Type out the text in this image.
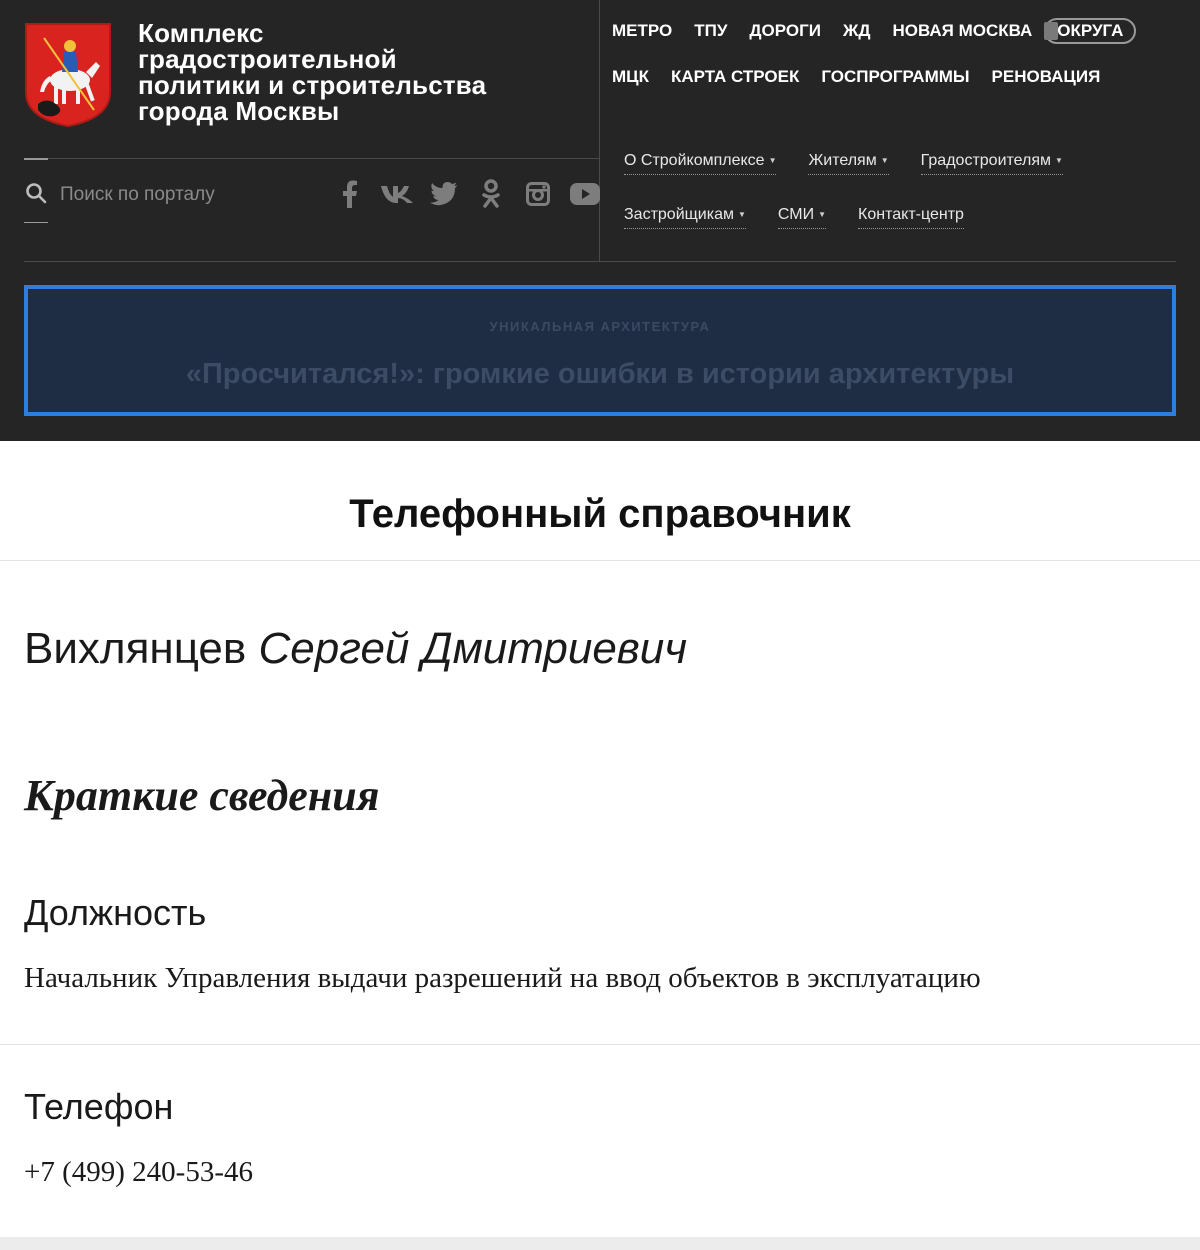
Комплекс
градостроительной
политики и строительства
города Москвы
Поиск по порталу
МЕТРО ТПУ ДОРОГИ ЖД НОВАЯ МОСКВА ОКРУГА
МЦК КАРТА СТРОЕК ГОСПРОГРАММЫ РЕНОВАЦИЯ
О Стройкомплексе ▼ Жителям ▼ Градостроителям ▼
Застройщикам ▼ СМИ ▼ Контакт-центр
УНИКАЛЬНАЯ АРХИТЕКТУРА
«Просчитался!»: громкие ошибки в истории архитектуры
Телефонный справочник
Вихлянцев Сергей Дмитриевич
Краткие сведения
Должность
Начальник Управления выдачи разрешений на ввод объектов в эксплуатацию
Телефон
+7 (499) 240-53-46
